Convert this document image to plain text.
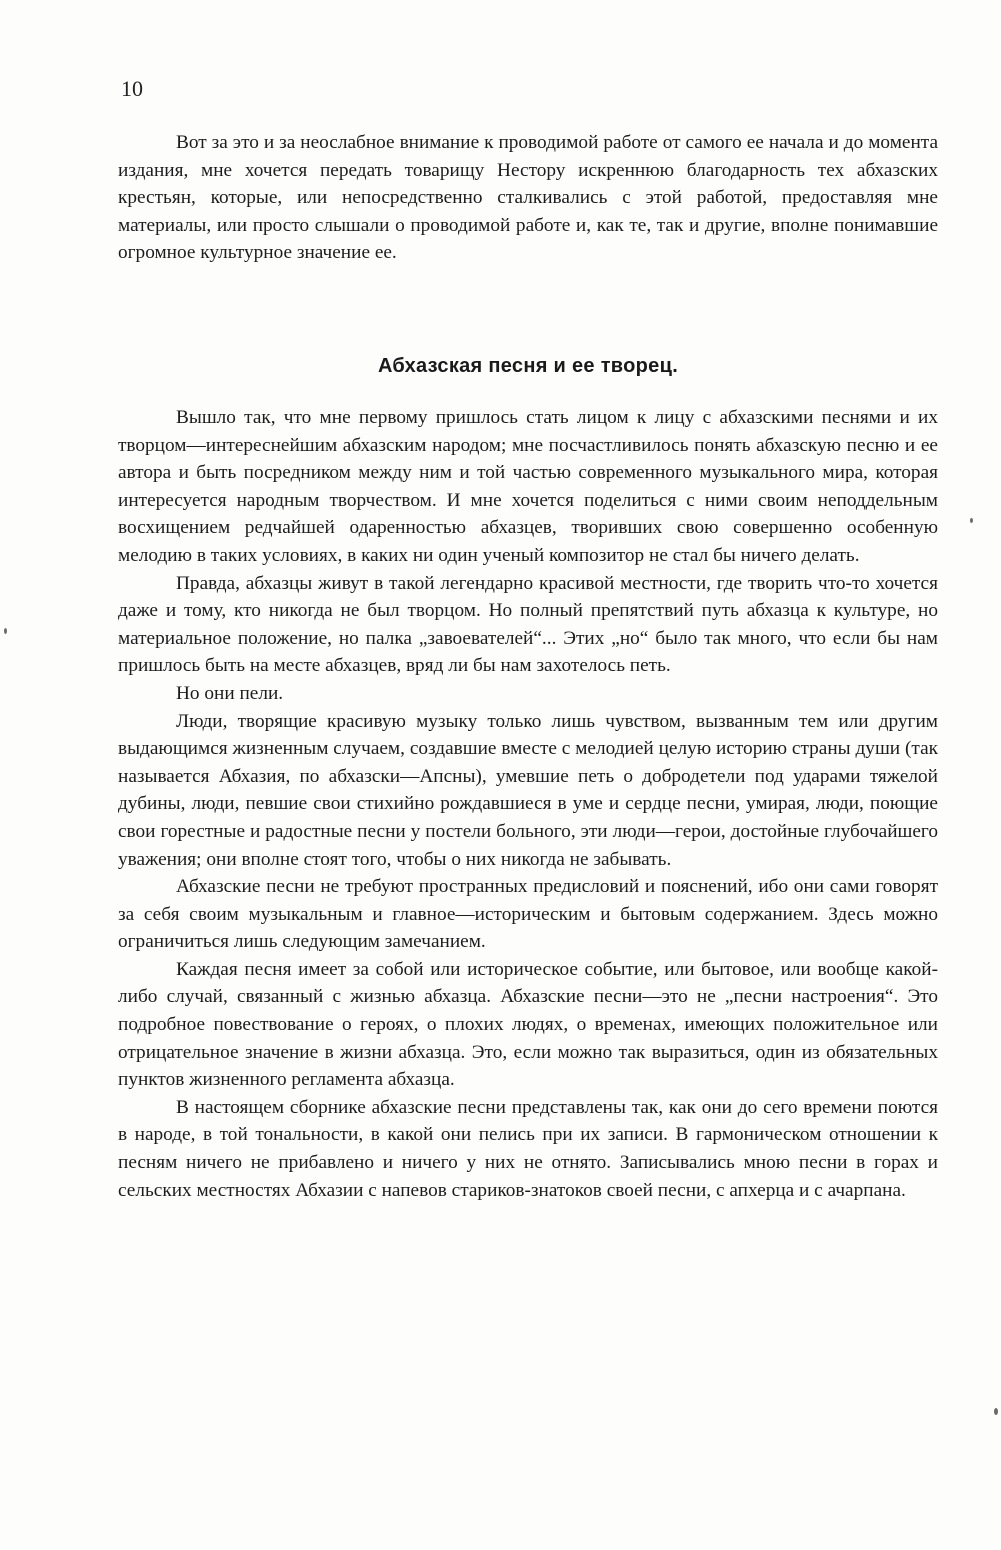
10

Вот за это и за неослабное внимание к проводимой работе от самого ее начала и до момента издания, мне хочется передать товарищу Нестору искреннюю благодарность тех абхазских крестьян, которые, или непосредственно сталкивались с этой работой, предоставляя мне материалы, или просто слышали о проводимой работе и, как те, так и другие, вполне понимавшие огромное культурное значение ее.

Абхазская песня и ее творец.

Вышло так, что мне первому пришлось стать лицом к лицу с абхазскими песнями и их творцом—интереснейшим абхазским народом; мне посчастливилось понять абхазскую песню и ее автора и быть посредником между ним и той частью современного музыкального мира, которая интересуется народным творчеством. И мне хочется поделиться с ними своим неподдельным восхищением редчайшей одаренностью абхазцев, творивших свою совершенно особенную мелодию в таких условиях, в каких ни один ученый композитор не стал бы ничего делать.

Правда, абхазцы живут в такой легендарно красивой местности, где творить что-то хочется даже и тому, кто никогда не был творцом. Но полный препятствий путь абхазца к культуре, но материальное положение, но палка „завоевателей“... Этих „но“ было так много, что если бы нам пришлось быть на месте абхазцев, вряд ли бы нам захотелось петь.

Но они пели.

Люди, творящие красивую музыку только лишь чувством, вызванным тем или другим выдающимся жизненным случаем, создавшие вместе с мелодией целую историю страны души (так называется Абхазия, по абхазски—Апсны), умевшие петь о добродетели под ударами тяжелой дубины, люди, певшие свои стихийно рождавшиеся в уме и сердце песни, умирая, люди, поющие свои горестные и радостные песни у постели больного, эти люди—герои, достойные глубочайшего уважения; они вполне стоят того, чтобы о них никогда не забывать.

Абхазские песни не требуют пространных предисловий и пояснений, ибо они сами говорят за себя своим музыкальным и главное—историческим и бытовым содержанием. Здесь можно ограничиться лишь следующим замечанием.

Каждая песня имеет за собой или историческое событие, или бытовое, или вообще какой-либо случай, связанный с жизнью абхазца. Абхазские песни—это не „песни настроения“. Это подробное повествование о героях, о плохих людях, о временах, имеющих положительное или отрицательное значение в жизни абхазца. Это, если можно так выразиться, один из обязательных пунктов жизненного регламента абхазца.

В настоящем сборнике абхазские песни представлены так, как они до сего времени поются в народе, в той тональности, в какой они пелись при их записи. В гармоническом отношении к песням ничего не прибавлено и ничего у них не отнято. Записывались мною песни в горах и сельских местностях Абхазии с напевов стариков-знатоков своей песни, с апхерца и с ачарпана.
